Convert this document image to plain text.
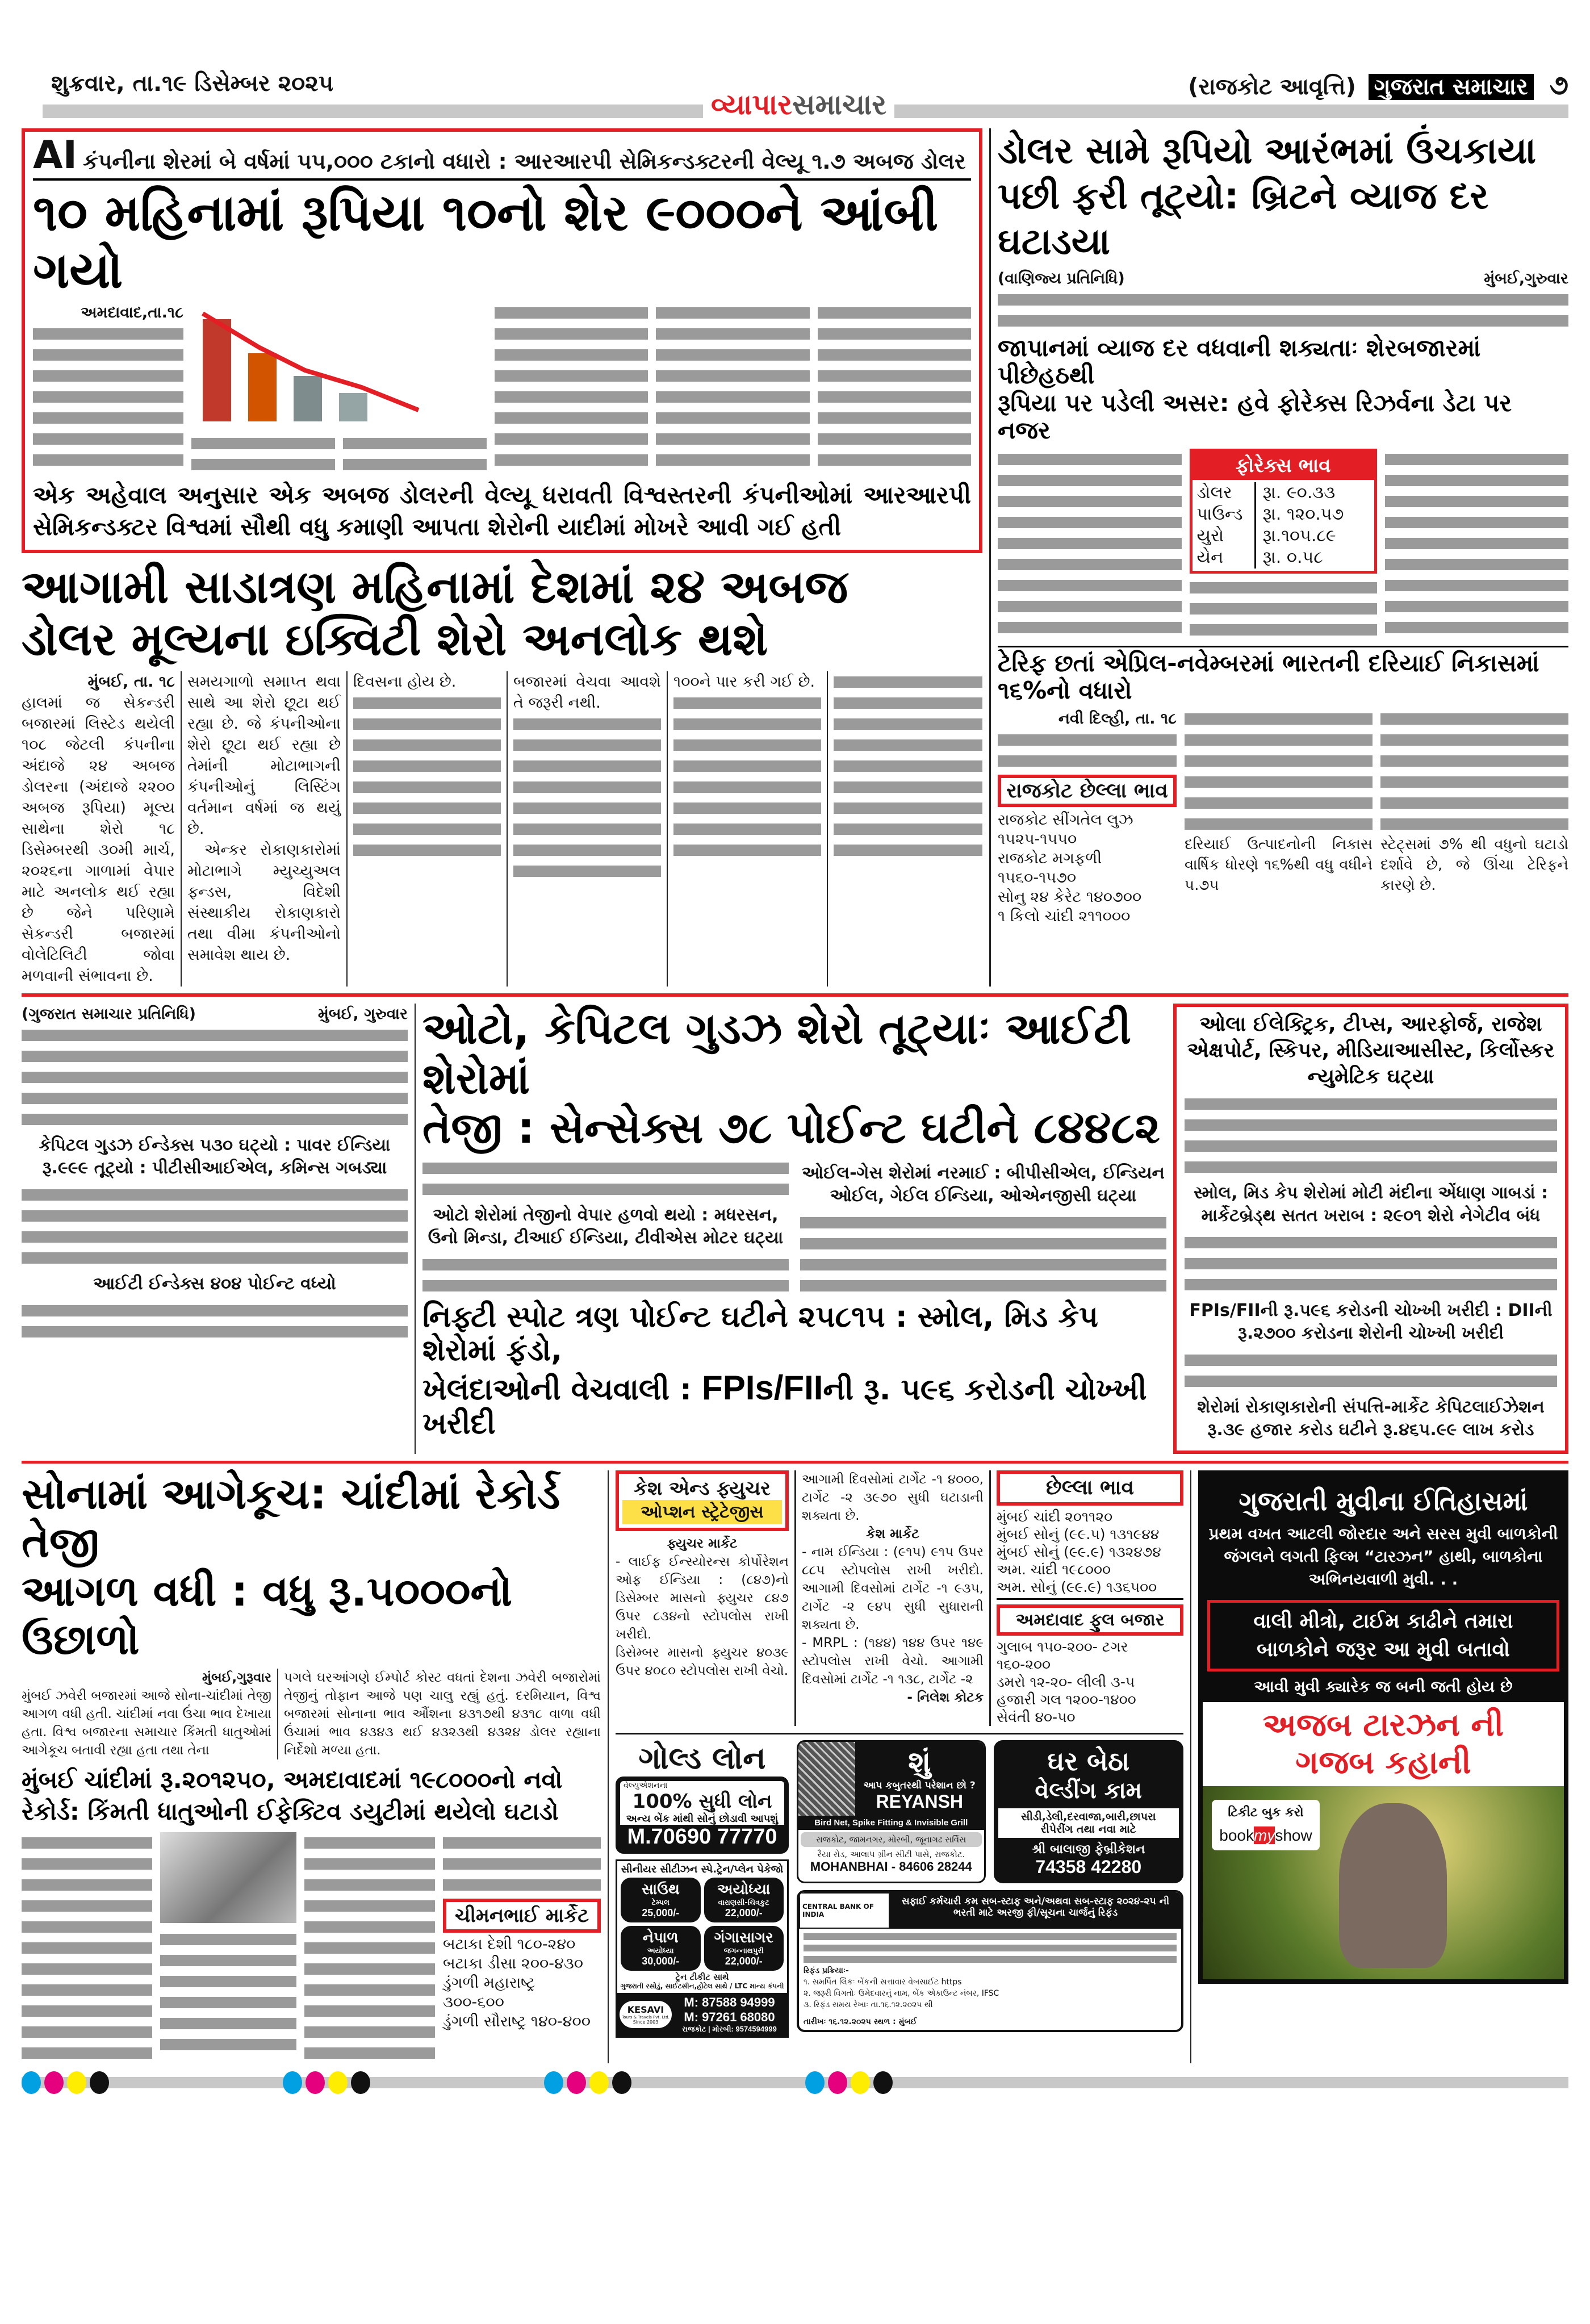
શુક્રવાર, તા.૧૯ ડિસેમ્બર ૨૦૨૫
વ્યાપારસમાચાર
(રાજકોટ આવૃત્તિ) ગુજરાત સમાચાર ૭
AI કંપનીના શેરમાં બે વર્ષમાં ૫૫,૦૦૦ ટકાનો વધારો : આરઆરપી સેમિકન્ડક્ટરની વેલ્યૂ ૧.૭ અબજ ડોલર
૧૦ મહિનામાં રૂપિયા ૧૦નો શેર ૯૦૦૦ને આંબી ગયો
અમદાવાદ,તા.૧૮
એક અહેવાલ અનુસાર એક અબજ ડોલરની વેલ્યૂ ધરાવતી વિશ્વસ્તરની કંપનીઓમાં આરઆરપી સેમિકન્ડક્ટર વિશ્વમાં સૌથી વધુ કમાણી આપતા શેરોની યાદીમાં મોખરે આવી ગઈ હતી
આગામી સાડાત્રણ મહિનામાં દેશમાં ૨૪ અબજ
ડોલર મૂલ્યના ઇક્વિટી શેરો અનલોક થશે
મુંબઈ, તા. ૧૮
હાલમાં જ સેકન્ડરી બજારમાં લિસ્ટેડ થયેલી ૧૦૮ જેટલી કંપનીના અંદાજે ૨૪ અબજ ડોલરના (અંદાજે ૨૨૦૦ અબજ રૂપિયા) મૂલ્ય સાથેના શેરો ૧૮ ડિસેમ્બરથી ૩૦મી માર્ચ, ૨૦૨૬ના ગાળામાં વેપાર માટે અનલોક થઈ રહ્યા છે જેને પરિણામે સેકન્ડરી બજારમાં વોલેટિલિટી જોવા મળવાની સંભાવના છે.
સમયગાળો સમાપ્ત થવા સાથે આ શેરો છૂટા થઈ રહ્યા છે. જે કંપનીઓના શેરો છૂટા થઈ રહ્યા છે તેમાંની મોટાભાગની કંપનીઓનું લિસ્ટિંગ વર્તમાન વર્ષમાં જ થયું છે.
એન્કર રોકાણકારોમાં મોટાભાગે મ્યુચ્યુઅલ ફન્ડસ, વિદેશી સંસ્થાકીય રોકાણકારો તથા વીમા કંપનીઓનો સમાવેશ થાય છે.
દિવસના હોય છે.	બજારમાં વેચવા આવશે તે જરૂરી નથી.
૧૦૦ને પાર કરી ગઈ છે.
ડોલર સામે રૂપિયો આરંભમાં ઉંચકાયા પછી ફરી તૂટ્યો: બ્રિટને વ્યાજ દર ઘટાડયા
(વાણિજ્ય પ્રતિનિધિ)	મુંબઈ,ગુરુવાર
જાપાનમાં વ્યાજ દર વધવાની શક્યતાઃ શેરબજારમાં પીછેહઠથી
રૂપિયા પર પડેલી અસર: હવે ફોરેક્સ રિઝર્વના ડેટા પર નજર
ફોરેક્સ ભાવ
ડોલર	રૂા. ૯૦.૩૩
પાઉન્ડ	રૂા. ૧૨૦.૫૭
યુરો	રૂા.૧૦૫.૮૯
યેન	રૂા. ૦.૫૮
ટેરિફ છતાં એપ્રિલ-નવેમ્બરમાં ભારતની દરિયાઈ નિકાસમાં ૧૬%નો વધારો
નવી દિલ્હી, તા. ૧૮
રાજકોટ છેલ્લા ભાવ
રાજકોટ સીંગતેલ લુઝ ૧૫૨૫-૧૫૫૦
રાજકોટ મગફળી ૧૫૬૦-૧૫૭૦
સોનુ ૨૪ કેરેટ ૧૪૦૭૦૦
૧ કિલો ચાંદી ૨૧૧૦૦૦
દરિયાઈ ઉત્પાદનોની નિકાસ વાર્ષિક ધોરણે ૧૬%થી વધુ વધીને ૫.૭૫
સ્ટેટ્સમાં ૭% થી વધુનો ઘટાડો દર્શાવે છે, જે ઊંચા ટેરિફને કારણે છે.
(ગુજરાત સમાચાર પ્રતિનિધિ)	મુંબઈ, ગુરુવાર
કેપિટલ ગુડઝ ઈન્ડેક્સ ૫૩૦ ઘટ્યો : પાવર ઈન્ડિયા રૂ.૯૯૯ તૂટ્યો : પીટીસીઆઈએલ, કમિન્સ ગબડ્યા
આઈટી ઈન્ડેક્સ ૪૦૪ પોઈન્ટ વધ્યો
ઓટો, કેપિટલ ગુડઝ શેરો તૂટ્યાઃ આઈટી શેરોમાં
તેજી : સેન્સેક્સ ૭૮ પોઈન્ટ ઘટીને ૮૪૪૮૨
ઓટો શેરોમાં તેજીનો વેપાર હળવો થયો : મધરસન, ઉનો મિન્ડા, ટીઆઈ ઈન્ડિયા, ટીવીએસ મોટર ઘટ્યા
ઓઈલ-ગેસ શેરોમાં નરમાઈ : બીપીસીએલ, ઈન્ડિયન ઓઈલ, ગેઈલ ઈન્ડિયા, ઓએનજીસી ઘટ્યા
નિફ્ટી સ્પોટ ત્રણ પોઈન્ટ ઘટીને ૨૫૮૧૫ : સ્મોલ, મિડ કેપ શેરોમાં ફંડો,
ખેલંદાઓની વેચવાલી : FPIs/FIIની રૂ. ૫૯૬ કરોડની ચોખ્ખી ખરીદી
ઓલા ઈલેક્ટ્રિક, ટીપ્સ, આરફોર્જ, રાજેશ એક્ષપોર્ટ, સ્કિપર, મીડિયાઆસીસ્ટ, કિર્લોસ્કર ન્યુમેટિક ઘટ્યા
સ્મોલ, મિડ કેપ શેરોમાં મોટી મંદીના એંધાણ ગાબડાં : માર્કેટબ્રેડ્થ સતત ખરાબ : ૨૯૦૧ શેરો નેગેટીવ બંધ
FPIs/FIIની રૂ.૫૯૬ કરોડની ચોખ્ખી ખરીદી : DIIની રૂ.૨૭૦૦ કરોડના શેરોની ચોખ્ખી ખરીદી
શેરોમાં રોકાણકારોની સંપત્તિ-માર્કેટ કેપિટલાઈઝેશન રૂ.૩૯ હજાર કરોડ ઘટીને રૂ.૪૬૫.૯૯ લાખ કરોડ
સોનામાં આગેકૂચ: ચાંદીમાં રેકોર્ડ તેજી
આગળ વધી : વધુ રૂ.૫૦૦૦નો ઉછાળો
મુંબઈ,ગુરૂવાર
મુંબઈ ઝવેરી બજારમાં આજે સોના-ચાંદીમાં તેજી આગળ વધી હતી. ચાંદીમાં નવા ઉંચા ભાવ દેખાયા હતા. વિશ્વ બજારના સમાચાર કિંમતી ધાતુઓમાં આગેકૂચ બતાવી રહ્યા હતા તથા તેના
પગલે ઘરઆંગણે ઈમ્પોર્ટ કોસ્ટ વધતાં દેશના ઝવેરી બજારોમાં તેજીનું તોફાન આજે પણ ચાલુ રહ્યું હતું. દરમિયાન, વિશ્વ બજારમાં સોનાના ભાવ ઔંશના ૪૩૧૭થી ૪૩૧૮ વાળા વધી ઉંચામાં ભાવ ૪૩૪૩ થઈ ૪૩૨૩થી ૪૩૨૪ ડોલર રહ્યાના નિર્દેશો મળ્યા હતા.
મુંબઈ ચાંદીમાં રૂ.૨૦૧૨૫૦, અમદાવાદમાં ૧૯૮૦૦૦નો નવો રેકોર્ડ: કિંમતી ધાતુઓની ઈફેક્ટિવ ડયુટીમાં થયેલો ઘટાડો
ચીમનભાઈ માર્કેટ
બટાકા દેશી ૧૮૦-૨૪૦
બટાકા ડીસા ૨૦૦-૪૩૦
ડુંગળી મહારાષ્ટ્ર ૩૦૦-૬૦૦
ડુંગળી સૌરાષ્ટ્ર ૧૪૦-૪૦૦
કેશ એન્ડ ફ્યુચર
ઓપ્શન સ્ટ્રેટેજીસ
ફ્યુચર માર્કેટ
- લાઈફ ઈન્સ્યોરન્સ કોર્પોરેશન ઓફ ઈન્ડિયા : (૮૪૭)નો ડિસેમ્બર માસનો ફ્યુચર ૮૪૭ ઉપર ૮૩૪નો સ્ટોપલોસ રાખી ખરીદો.
ડિસેમ્બર માસનો ફ્યુચર ૪૦૩૯ ઉપર ૪૦૮૦ સ્ટોપલોસ રાખી વેચો.
આગામી દિવસોમાં ટાર્ગેટ -૧ ૪૦૦૦, ટાર્ગેટ -૨ ૩૯૭૦ સુધી ઘટાડાની શક્યતા છે.
કેશ માર્કેટ
- નામ ઈન્ડિયા : (૯૧૫) ૯૧૫ ઉપર ૮૮૫ સ્ટોપલોસ રાખી ખરીદો. આગામી દિવસોમાં ટાર્ગેટ -૧ ૯૩૫, ટાર્ગેટ -૨ ૯૪૫ સુધી સુધારાની શક્યતા છે.
- MRPL : (૧૪૪) ૧૪૪ ઉપર ૧૪૯ સ્ટોપલોસ રાખી વેચો. આગામી દિવસોમાં ટાર્ગેટ -૧ ૧૩૮, ટાર્ગેટ -૨
- નિલેશ કોટક
છેલ્લા ભાવ
મુંબઈ ચાંદી ૨૦૧૧૨૦
મુંબઈ સોનું (૯૯.૫) ૧૩૧૯૪૪
મુંબઈ સોનું (૯૯.૯) ૧૩૨૪૭૪
અમ. ચાંદી ૧૯૮૦૦૦
અમ. સોનું (૯૯.૯) ૧૩૬૫૦૦
અમદાવાદ ફુલ બજાર
ગુલાબ ૧૫૦-૨૦૦- ટગર ૧૬૦-૨૦૦
ડમરો ૧૨-૨૦- લીલી ૩-૫
હજારી ગલ ૧૨૦૦-૧૪૦૦
સેવંતી ૪૦-૫૦
ગોલ્ડ લોન
વેલ્યુએશનના
100% સુધી લોન
અન્ય બેંક માંથી સોનું છોડાવી આપશું
M.70690 77770
સીનીયર સીટીઝન સ્પે.ટ્રેન/પ્લેન પેકેજો
સાઉથ
ટેમ્પલ
25,000/-
અયોધ્યા
વારાણસી-ચિત્રકુટ
22,000/-
નેપાળ
અયોધ્યા
30,000/-
ગંગાસાગર
જગન્નાથપુરી
22,000/-
ટ્રેન ટીકીટ સાથે
ગુજરાતી રસોડું, સાઈટસીન,હોટેલ સાથે / LTC માન્ય કંપની
KESAVI
Tours & Travels Pvt. Ltd.
Since 2003
M: 87588 94999
M: 97261 68080
રાજકોટ | મોરબી: 9574594999
શું
આપ કબુતરથી પરેશાન છો ?
REYANSH
Bird Net, Spike Fitting & Invisible Grill
રાજકોટ, જામનગર, મોરબી, જૂનાગઢ સર્વિસ
રૈયા રોડ, આલાપ ગ્રીન સીટી પાસે, રાજકોટ.
MOHANBHAI - 84606 28244
ઘર બેઠા
વેલ્ડીંગ કામ
સીડી,ડેલી,દરવાજા,બારી,છાપરા
રીપેરીંગ તથા નવા માટે
શ્રી બાલાજી ફેબ્રીકેશન
74358 42280
CENTRAL BANK OF INDIA
સફાઈ કર્મચારી કમ સબ-સ્ટાફ અને/અથવા સબ-સ્ટાફ ૨૦૨૪-૨૫ ની ભરતી માટે અરજી ફી/સૂચના ચાર્જનું રિફંડ
રિફંડ પ્રક્રિયાઃ-
૧. સમર્પિત લિંકઃ બેંકની સત્તાવાર વેબસાઈટ https
૨. જરૂરી વિગતોઃ ઉમેદવારનું નામ, બેંક એકાઉન્ટ નંબર, IFSC
૩. રિફંડ સમય રેખાઃ તા.૧૬.૧૨.૨૦૨૫ થી
તારીખઃ ૧૬.૧૨.૨૦૨૫ સ્થળ : મુંબઈ
ગુજરાતી મુવીના ઈતિહાસમાં
પ્રથમ વખત આટલી જોરદાર અને સરસ મુવી બાળકોની જંગલને લગતી ફિલ્મ “ટારઝન” હાથી, બાળકોના અભિનયવાળી મુવી. . .
વાલી મીત્રો, ટાઈમ કાઢીને તમારા બાળકોને જરૂર આ મુવી બતાવો
આવી મુવી ક્યારેક જ બની જતી હોય છે
અજબ ટારઝન ની
ગજબ કહાની
ટિકીટ બુક કરો
bookmyshow
